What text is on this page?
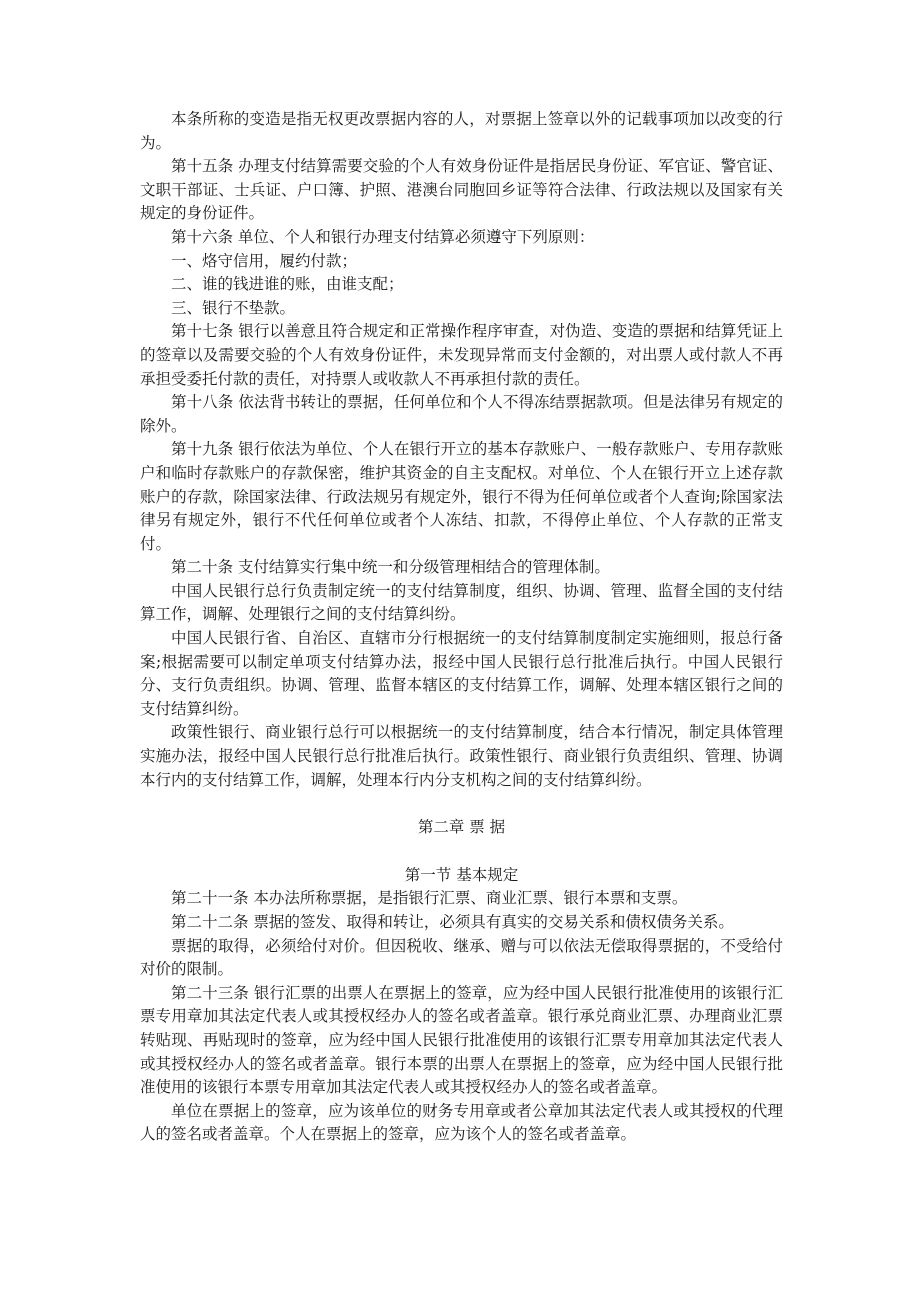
本条所称的变造是指无权更改票据内容的人，对票据上签章以外的记载事项加以改变的行为。

第十五条 办理支付结算需要交验的个人有效身份证件是指居民身份证、军官证、警官证、文职干部证、士兵证、户口簿、护照、港澳台同胞回乡证等符合法律、行政法规以及国家有关规定的身份证件。

第十六条 单位、个人和银行办理支付结算必须遵守下列原则：

一、烙守信用，履约付款；

二、谁的钱进谁的账，由谁支配；

三、银行不垫款。

第十七条 银行以善意且符合规定和正常操作程序审查，对伪造、变造的票据和结算凭证上的签章以及需要交验的个人有效身份证件，未发现异常而支付金额的，对出票人或付款人不再承担受委托付款的责任，对持票人或收款人不再承担付款的责任。

第十八条 依法背书转让的票据，任何单位和个人不得冻结票据款项。但是法律另有规定的除外。

第十九条 银行依法为单位、个人在银行开立的基本存款账户、一般存款账户、专用存款账户和临时存款账户的存款保密，维护其资金的自主支配权。对单位、个人在银行开立上述存款账户的存款，除国家法律、行政法规另有规定外，银行不得为任何单位或者个人查询;除国家法律另有规定外，银行不代任何单位或者个人冻结、扣款，不得停止单位、个人存款的正常支付。

第二十条 支付结算实行集中统一和分级管理相结合的管理体制。

中国人民银行总行负责制定统一的支付结算制度，组织、协调、管理、监督全国的支付结算工作，调解、处理银行之间的支付结算纠纷。

中国人民银行省、自治区、直辖市分行根据统一的支付结算制度制定实施细则，报总行备案;根据需要可以制定单项支付结算办法，报经中国人民银行总行批准后执行。中国人民银行分、支行负责组织。协调、管理、监督本辖区的支付结算工作，调解、处理本辖区银行之间的支付结算纠纷。

政策性银行、商业银行总行可以根据统一的支付结算制度，结合本行情况，制定具体管理实施办法，报经中国人民银行总行批准后执行。政策性银行、商业银行负责组织、管理、协调本行内的支付结算工作，调解，处理本行内分支机构之间的支付结算纠纷。

第二章 票 据

第一节 基本规定

第二十一条 本办法所称票据，是指银行汇票、商业汇票、银行本票和支票。

第二十二条 票据的签发、取得和转让，必须具有真实的交易关系和债权债务关系。

票据的取得，必须给付对价。但因税收、继承、赠与可以依法无偿取得票据的，不受给付对价的限制。

第二十三条 银行汇票的出票人在票据上的签章，应为经中国人民银行批准使用的该银行汇票专用章加其法定代表人或其授权经办人的签名或者盖章。银行承兑商业汇票、办理商业汇票转贴现、再贴现时的签章，应为经中国人民银行批准使用的该银行汇票专用章加其法定代表人或其授权经办人的签名或者盖章。银行本票的出票人在票据上的签章，应为经中国人民银行批准使用的该银行本票专用章加其法定代表人或其授权经办人的签名或者盖章。

单位在票据上的签章，应为该单位的财务专用章或者公章加其法定代表人或其授权的代理人的签名或者盖章。个人在票据上的签章，应为该个人的签名或者盖章。
